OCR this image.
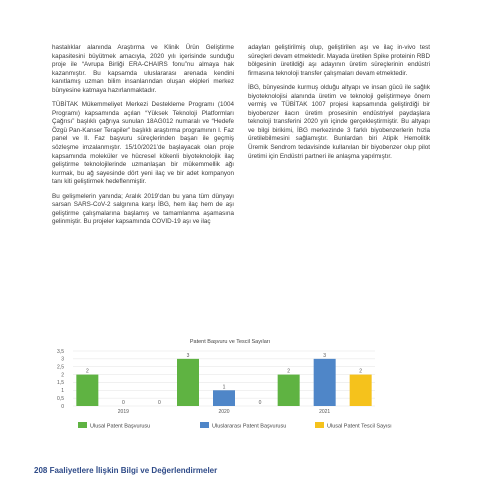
hastalıklar alanında Araştırma ve Klinik Ürün Geliştirme kapasitesini büyütmek amacıyla, 2020 yılı içerisinde sunduğu proje ile “Avrupa Birliği ERA-CHAIRS fonu”nu almaya hak kazanmıştır. Bu kapsamda uluslararası arenada kendini kanıtlamış uzman bilim insanlarından oluşan ekipleri merkez bünyesine katmaya hazırlanmaktadır.

TÜBİTAK Mükemmeliyet Merkezi Destekleme Programı (1004 Programı) kapsamında açılan “Yüksek Teknoloji Platformları Çağrısı” başlıklı çağrıya sunulan 18AG012 numaralı ve “Hedefe Özgü Pan-Kanser Terapiler” başlıklı araştırma programının I. Faz panel ve II. Faz başvuru süreçlerinden başarı ile geçmiş sözleşme imzalanmıştır. 15/10/2021’de başlayacak olan proje kapsamında moleküler ve hücresel kökenli biyoteknolojik ilaç geliştirme teknolojilerinde uzmanlaşan bir mükemmellik ağı kurmak, bu ağ sayesinde dört yeni ilaç ve bir adet kompanyon tanı kiti geliştirmek hedeflenmiştir.

Bu gelişmelerin yanında; Aralık 2019’dan bu yana tüm dünyayı sarsan SARS-CoV-2 salgınına karşı İBG, hem ilaç hem de aşı geliştirme çalışmalarına başlamış ve tamamlanma aşamasına gelinmiştir. Bu projeler kapsamında COVID-19 aşı ve ilaç

adayları geliştirilmiş olup, geliştirilen aşı ve ilaç in-vivo test süreçleri devam etmektedir. Mayada üretilen Spike proteinin RBD bölgesinin üretildiği aşı adayının üretim süreçlerinin endüstri firmasına teknoloji transfer çalışmaları devam etmektedir.

İBG, bünyesinde kurmuş olduğu altyapı ve insan gücü ile sağlık biyoteknolojisi alanında üretim ve teknoloji geliştirmeye önem vermiş ve TÜBİTAK 1007 projesi kapsamında geliştirdiği bir biyobenzer ilacın üretim prosesinin endüstriyel paydaşlara teknoloji transferini 2020 yılı içinde gerçekleştirmiştir. Bu altyapı ve bilgi birikimi, İBG merkezinde 3 farklı biyobenzerlerin hızla üretilebilmesini sağlamıştır. Bunlardan biri Atipik Hemolitik Üremik Sendrom tedavisinde kullanılan bir biyobenzer olup pilot üretimi için Endüstri partneri ile anlaşma yapılmıştır.

Patent Başvuru ve Tescil Sayıları
0
0,5
1
1,5
2
2,5
3
3,5
2
0	0
3
1
0
2
3
2
2019	2020	2021
Ulusal Patent Başvurusu	Uluslararası Patent Başvurusu	Ulusal Patent Tescil Sayısı
208 Faaliyetlere İlişkin Bilgi ve Değerlendirmeler
